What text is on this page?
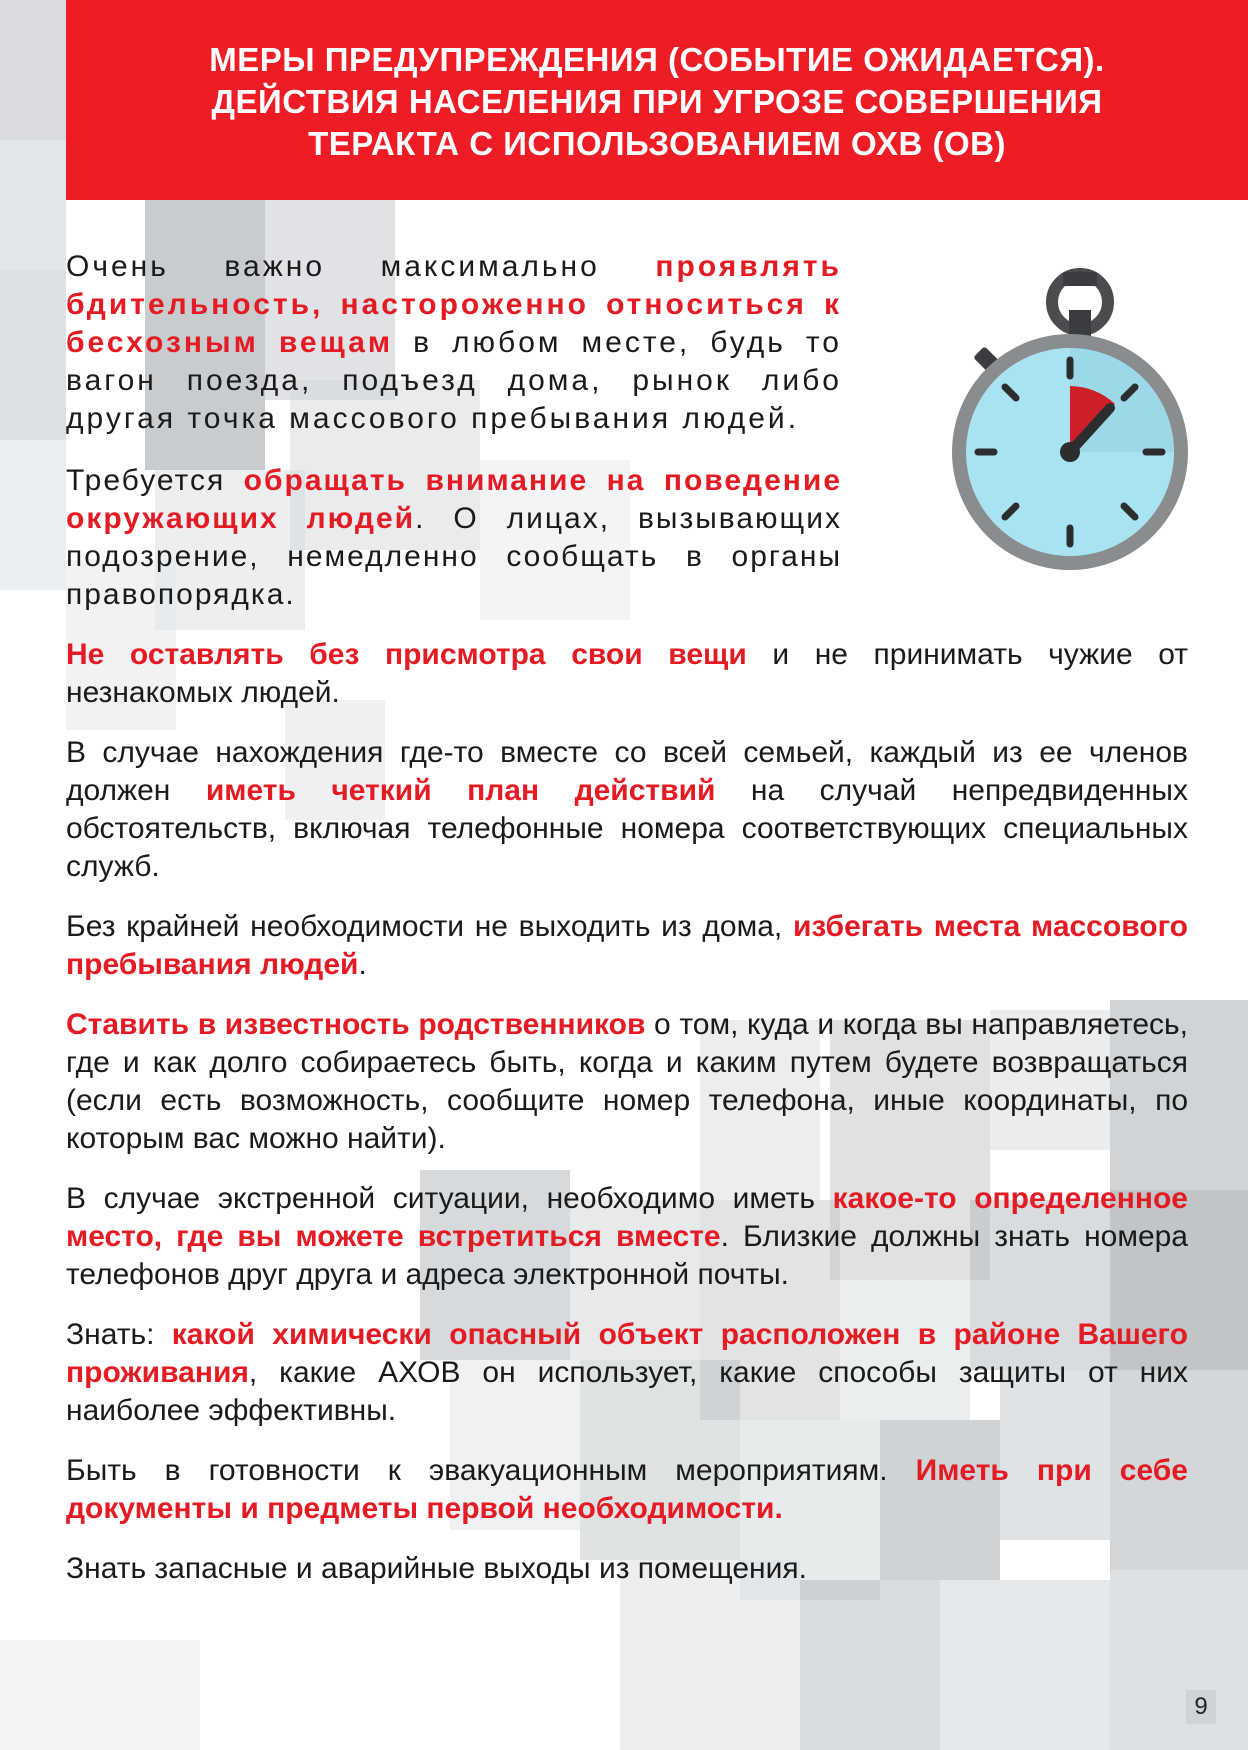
МЕРЫ ПРЕДУПРЕЖДЕНИЯ (СОБЫТИЕ ОЖИДАЕТСЯ).
ДЕЙСТВИЯ НАСЕЛЕНИЯ ПРИ УГРОЗЕ СОВЕРШЕНИЯ
ТЕРАКТА С ИСПОЛЬЗОВАНИЕМ ОХВ (ОВ)

Очень важно максимально проявлять бдительность, настороженно относиться к бесхозным вещам в любом месте, будь то вагон поезда, подъезд дома, рынок либо другая точка массового пребывания людей.

Требуется обращать внимание на поведение окружающих людей. О лицах, вызывающих подозрение, немедленно сообщать в органы правопорядка.

Не оставлять без присмотра свои вещи и не принимать чужие от незнакомых людей.

В случае нахождения где-то вместе со всей семьей, каждый из ее членов должен иметь четкий план действий на случай непредвиденных обстоятельств, включая телефонные номера соответствующих специальных служб.

Без крайней необходимости не выходить из дома, избегать места массового пребывания людей.

Ставить в известность родственников о том, куда и когда вы направляетесь, где и как долго собираетесь быть, когда и каким путем будете возвращаться (если есть возможность, сообщите номер телефона, иные координаты, по которым вас можно найти).

В случае экстренной ситуации, необходимо иметь какое-то определенное место, где вы можете встретиться вместе. Близкие должны знать номера телефонов друг друга и адреса электронной почты.

Знать: какой химически опасный объект расположен в районе Вашего проживания, какие АХОВ он использует, какие способы защиты от них наиболее эффективны.

Быть в готовности к эвакуационным мероприятиям. Иметь при себе документы и предметы первой необходимости.

Знать запасные и аварийные выходы из помещения.

9
